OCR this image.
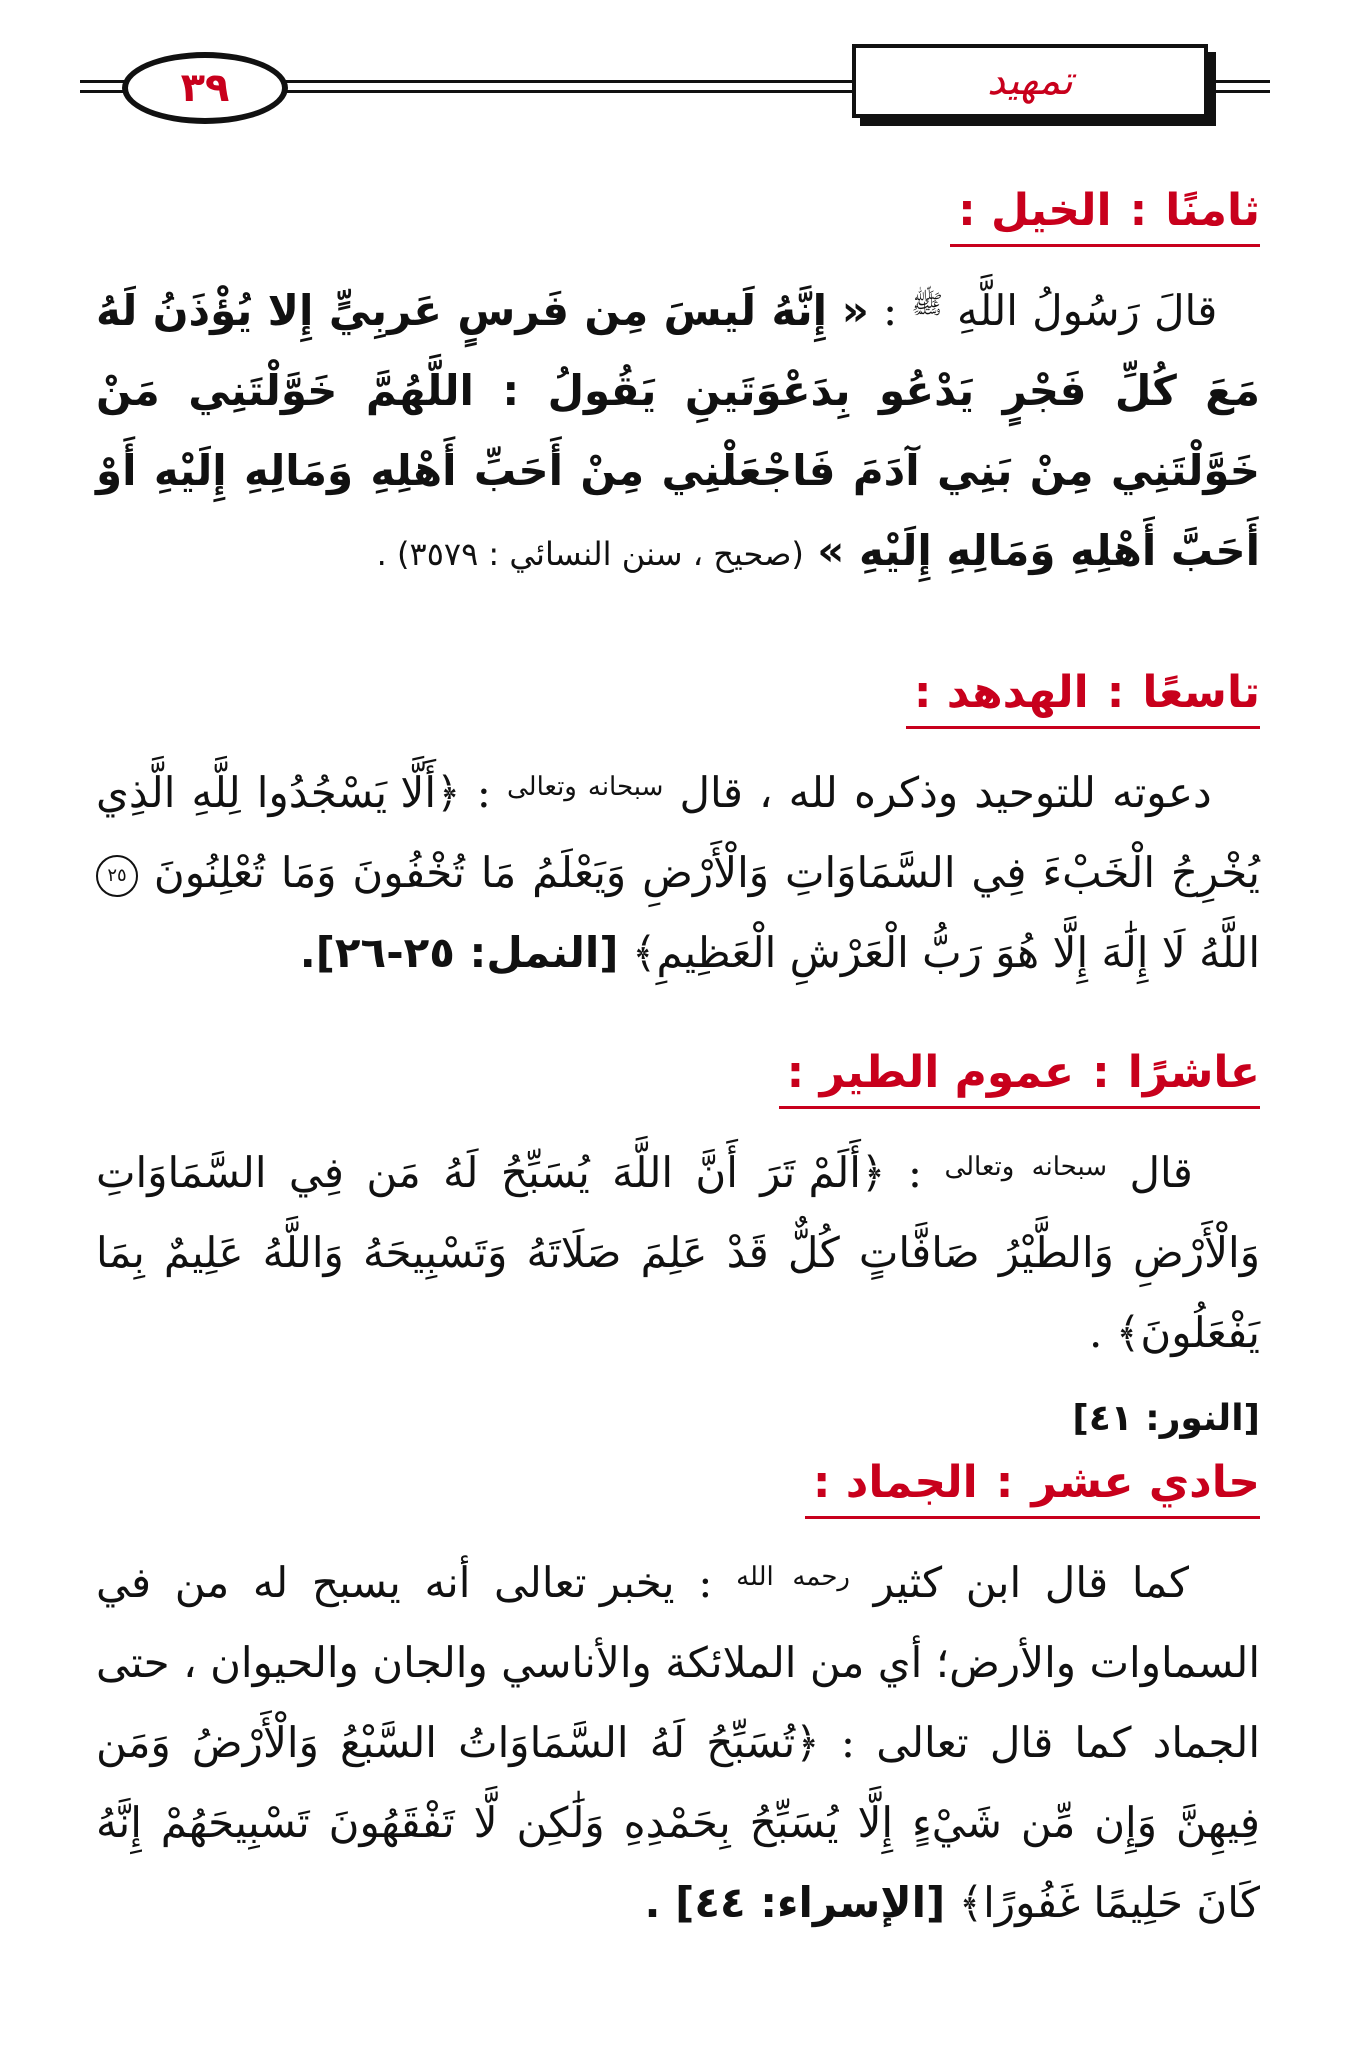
٣٩	تمهيد
ثامنًا:الخيل :
قالَ رَسُولُ اللَّهِ $^ﷺ$ : « إِنَّهُ لَيسَ مِن فَرسٍ عَربِيٍّ إِلا يُؤْذَنُ لَهُ مَعَ كُلِّ فَجْرٍ يَدْعُو بِدَعْوَتَينِ يَقُولُ : اللَّهُمَّ خَوَّلْتَنِي مَنْ خَوَّلْتَنِي مِنْ بَنِي آدَمَ فَاجْعَلْنِي مِنْ أَحَبِّ أَهْلِهِ وَمَالِهِ إِلَيْهِ أَوْ أَحَبَّ أَهْلِهِ وَمَالِهِ إِلَيْهِ » (صحيح ، سنن النسائي : ٣٥٧٩) .
تاسعًا:الهدهد :
دعوته للتوحيد وذكره لله ، قال $^{سبحانه وتعالى}$ : ﴿أَلَّا يَسْجُدُوا لِلَّهِ الَّذِي يُخْرِجُ الْخَبْءَ فِي السَّمَاوَاتِ وَالْأَرْضِ وَيَعْلَمُ مَا تُخْفُونَ وَمَا تُعْلِنُونَ ٢٥ اللَّهُ لَا إِلَٰهَ إِلَّا هُوَ رَبُّ الْعَرْشِ الْعَظِيمِ﴾ [النمل: ٢٥-٢٦].
عاشرًا:عموم الطير :
قال $^{سبحانه وتعالى}$ : ﴿أَلَمْ تَرَ أَنَّ اللَّهَ يُسَبِّحُ لَهُ مَن فِي السَّمَاوَاتِ وَالْأَرْضِ وَالطَّيْرُ صَافَّاتٍ كُلٌّ قَدْ عَلِمَ صَلَاتَهُ وَتَسْبِيحَهُ وَاللَّهُ عَلِيمٌ بِمَا يَفْعَلُونَ﴾ .
[النور: ٤١]
حادي عشر:الجماد :
كما قال ابن كثير $^{رحمه الله}$ : يخبر تعالى أنه يسبح له من في السماوات والأرض؛ أي من الملائكة والأناسي والجان والحيوان ، حتى الجماد كما قال تعالى : ﴿تُسَبِّحُ لَهُ السَّمَاوَاتُ السَّبْعُ وَالْأَرْضُ وَمَن فِيهِنَّ وَإِن مِّن شَيْءٍ إِلَّا يُسَبِّحُ بِحَمْدِهِ وَلَٰكِن لَّا تَفْقَهُونَ تَسْبِيحَهُمْ إِنَّهُ كَانَ حَلِيمًا غَفُورًا﴾ [الإسراء: ٤٤] .
